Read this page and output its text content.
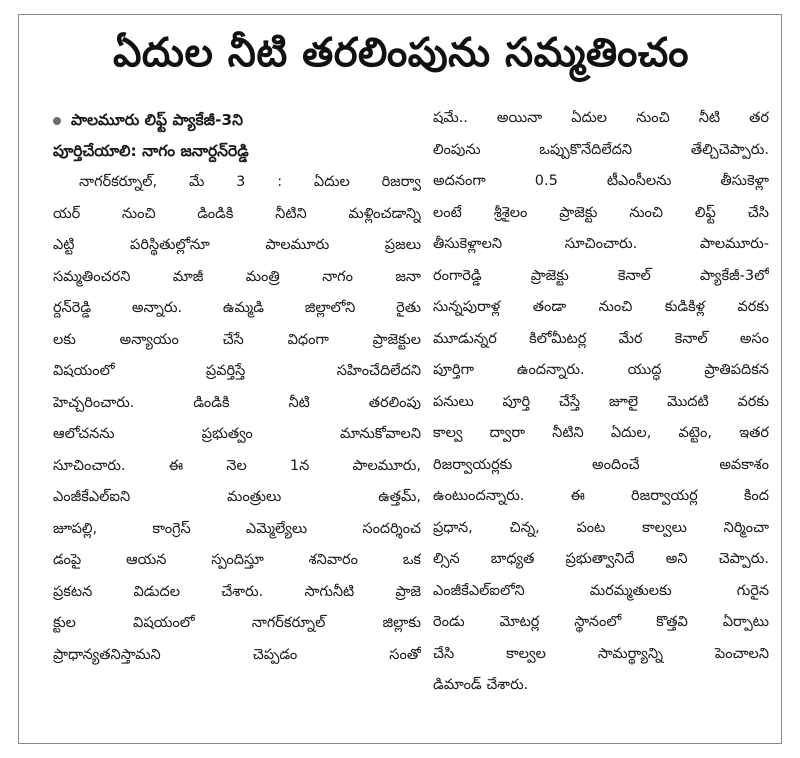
ఏదుల నీటి తరలింపును సమ్మతించం
పాలమూరు లిఫ్ట్ ప్యాకేజీ-3ని
పూర్తిచేయాలి: నాగం జనార్దన్‌రెడ్డి
నాగర్‌కర్నూల్, మే 3 : ఏదుల రిజర్వా
యర్ నుంచి డిండికి నీటిని మళ్లించడాన్ని
ఎట్టి పరిస్థితుల్లోనూ పాలమూరు ప్రజలు
సమ్మతించరని మాజీ మంత్రి నాగం జనా
ర్దన్‌రెడ్డి అన్నారు. ఉమ్మడి జిల్లాలోని రైతు
లకు అన్యాయం చేసే విధంగా ప్రాజెక్టుల
విషయంలో ప్రవర్తిస్తే సహించేదిలేదని
హెచ్చరించారు. డిండికి నీటి తరలింపు
ఆలోచనను ప్రభుత్వం మానుకోవాలని
సూచించారు. ఈ నెల 1న పాలమూరు,
ఎంజీకేఎల్ఐని మంత్రులు ఉత్తమ్,
జూపల్లి, కాంగ్రెస్ ఎమ్మెల్యేలు సందర్శించ
డంపై ఆయన స్పందిస్తూ శనివారం ఒక
ప్రకటన విడుదల చేశారు. సాగునీటి ప్రాజె
క్టుల విషయంలో నాగర్‌కర్నూల్ జిల్లాకు
ప్రాధాన్యతనిస్తామని చెప్పడం సంతో
షమే.. అయినా ఏదుల నుంచి నీటి తర
లింపును ఒప్పుకొనేదిలేదని తేల్చిచెప్పారు.
అదనంగా 0.5 టీఎంసీలను తీసుకెళ్లా
లంటే శ్రీశైలం ప్రాజెక్టు నుంచి లిఫ్ట్ చేసి
తీసుకెళ్లాలని సూచించారు. పాలమూరు-
రంగారెడ్డి ప్రాజెక్టు కెనాల్ ప్యాకేజీ-3లో
సున్నపురాళ్ల తండా నుంచి కుడికిళ్ల వరకు
మూడున్నర కిలోమీటర్ల మేర కెనాల్ అసం
పూర్తిగా ఉందన్నారు. యుద్ధ ప్రాతిపదికన
పనులు పూర్తి చేస్తే జూలై మొదటి వరకు
కాల్వ ద్వారా నీటిని ఏదుల, వట్టెం, ఇతర
రిజర్వాయర్లకు అందించే అవకాశం
ఉంటుందన్నారు. ఈ రిజర్వాయర్ల కింద
ప్రధాన, చిన్న, పంట కాల్వలు నిర్మించా
ల్సిన బాధ్యత ప్రభుత్వానిదే అని చెప్పారు.
ఎంజీకేఎల్ఐలోని మరమ్మతులకు గురైన
రెండు మోటర్ల స్థానంలో కొత్తవి ఏర్పాటు
చేసి కాల్వల సామర్థ్యాన్ని పెంచాలని
డిమాండ్ చేశారు.
